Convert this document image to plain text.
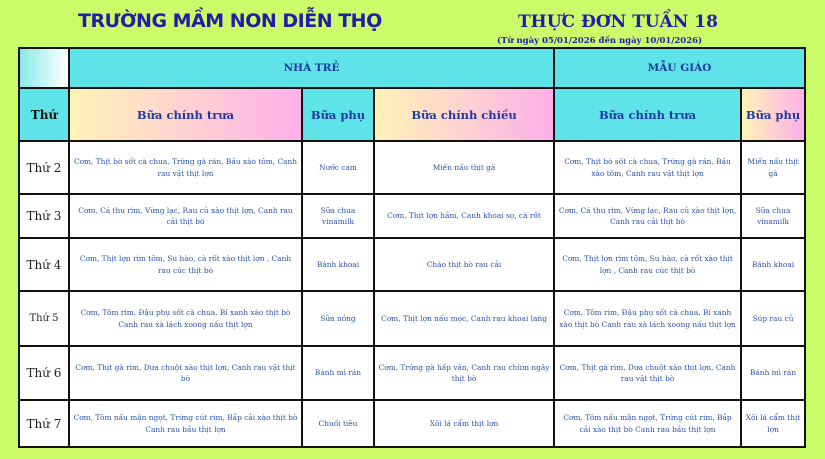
TRƯỜNG MẦM NON DIỄN THỌ	THỰC ĐƠN TUẦN 18
(Từ ngày 05/01/2026 đến ngày 10/01/2026)
	NHÀ TRẺ			MẪU GIÁO	
Thứ	Bữa chính trưa	Bữa phụ	Bữa chính chiều	Bữa chính trưa	Bữa phụ
Thứ 2	Cơm, Thịt bò sốt cà chua, Trứng gà rán, Bầu xào tôm, Canh rau vặt thịt lợn	Nước cam	Miến nấu thịt gà	Cơm, Thịt bò sốt cà chua, Trứng gà rán, Bầu xào tôm, Canh rau vặt thịt lợn	Miến nấu thịt gà
Thứ 3	Cơm, Cá thu rim, Vừng lạc, Rau củ xào thịt lợn, Canh rau cải thịt bò	Sữa chua vinamilk	Cơm, Thịt lợn hầm, Canh khoai sọ, cà rốt	Cơm, Cá thu rim, Vừng lạc, Rau củ xào thịt lợn, Canh rau cải thịt bò	Sữa chua vinamilk
Thứ 4	Cơm, Thịt lợn rim tôm, Su hào, cà rốt xào thịt lợn , Canh rau cúc thịt bò	Bánh khoai	Cháo thịt bò rau cải	Cơm, Thịt lợn rim tôm, Su hào, cà rốt xào thịt lợn , Canh rau cúc thịt bò	Bánh khoai
Thứ 5	Cơm, Tôm rim, Đậu phụ sốt cà chua, Bí xanh xào thịt bò Canh rau xà lách xoong nấu thịt lợn	Sữa nóng	Cơm, Thịt lợn nấu mọc, Canh rau khoai lang	Cơm, Tôm rim, Đậu phụ sốt cà chua, Bí xanh xào thịt bò Canh rau xà lách xoong nấu thịt lợn	Súp rau củ
Thứ 6	Cơm, Thịt gà rim, Dưa chuột xào thịt lợn, Canh rau vặt thịt bò	Bánh mì rán	Cơm, Trứng gà hấp vân, Canh rau chùm ngây thịt bò	Cơm, Thịt gà rim, Dưa chuột xào thịt lợn, Canh rau vặt thịt bò	Bánh mì rán
Thứ 7	Cơm, Tôm nấu mận ngọt, Trứng cút rim, Bắp cải xào thịt bò Canh rau bầu thịt lợn	Chuối tiêu	Xôi lá cẩm thịt lợn	Cơm, Tôm nấu mận ngọt, Trứng cút rim, Bắp cải xào thịt bò Canh rau bầu thịt lợn	Xôi lá cẩm thịt lợn
